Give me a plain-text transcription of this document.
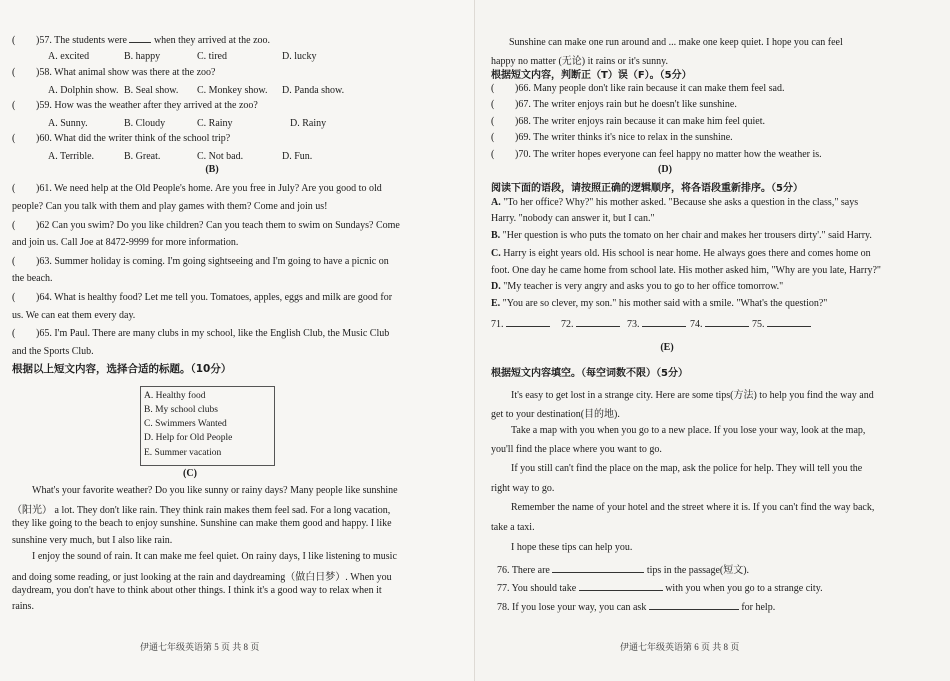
( )57. The students were	when they arrived at the zoo.
A. excited	B. happy	C. tired	D. lucky
( )58. What animal show was there at the zoo?
A. Dolphin show. B. Seal show. C. Monkey show. D. Panda show.
( )59. How was the weather after they arrived at the zoo?
A. Sunny.	B. Cloudy	C. Rainy	D. Rainy
( )60. What did the writer think of the school trip?
A. Terrible.	B. Great.	C. Not bad.	D. Fun.
(B)
( )61. We need help at the Old People's home. Are you free in July? Are you good to old
people? Can you talk with them and play games with them? Come and join us!
( )62 Can you swim? Do you like children? Can you teach them to swim on Sundays? Come
and join us. Call Joe at 8472-9999 for more information.
( )63. Summer holiday is coming. I'm going sightseeing and I'm going to have a picnic on
the beach.
( )64. What is healthy food? Let me tell you. Tomatoes, apples, eggs and milk are good for
us. We can eat them every day.
( )65. I'm Paul. There are many clubs in my school, like the English Club, the Music Club
and the Sports Club.
根据以上短文内容，选择合适的标题。（10分）
A. Healthy food
B. My school clubs
C. Swimmers Wanted
D. Help for Old People
E. Summer vacation
(C)
What's your favorite weather? Do you like sunny or rainy days? Many people like sunshine
（阳光） a lot. They don't like rain. They think rain makes them feel sad. For a long vacation,
they like going to the beach to enjoy sunshine. Sunshine can make them good and happy. I like
sunshine very much, but I also like rain.
I enjoy the sound of rain. It can make me feel quiet. On rainy days, I like listening to music
and doing some reading, or just looking at the rain and daydreaming（做白日梦）. When you
daydream, you don't have to think about other things. I think it's a good way to relax when it
rains.
伊通七年级英语第 5 页 共 8 页
Sunshine can make one run around and ... make one keep quiet. I hope you can feel
happy no matter (无论) it rains or it's sunny.
根据短文内容，判断正（T）误（F）。（5分）
( )66. Many people don't like rain because it can make them feel sad.
( )67. The writer enjoys rain but he doesn't like sunshine.
( )68. The writer enjoys rain because it can make him feel quiet.
( )69. The writer thinks it's nice to relax in the sunshine.
( )70. The writer hopes everyone can feel happy no matter how the weather is.
(D)
阅读下面的语段，请按照正确的逻辑顺序，将各语段重新排序。（5分）
A. "To her office? Why?" his mother asked. "Because she asks a question in the class," says
Harry. "nobody can answer it, but I can."
B. "Her question is who puts the tomato on her chair and makes her trousers dirty'." said Harry.
C. Harry is eight years old. His school is near home. He always goes there and comes home on
foot. One day he came home from school late. His mother asked him, "Why are you late, Harry?"
D. "My teacher is very angry and asks you to go to her office tomorrow."
E. "You are so clever, my son." his mother said with a smile. "What's the question?"
71.	72.	73.	74.	75.
(E)
根据短文内容填空。（每空词数不限）（5分）
It's easy to get lost in a strange city. Here are some tips(方法) to help you find the way and
get to your destination(目的地).
Take a map with you when you go to a new place. If you lose your way, look at the map,
you'll find the place where you want to go.
If you still can't find the place on the map, ask the police for help. They will tell you the
right way to go.
Remember the name of your hotel and the street where it is. If you can't find the way back,
take a taxi.
I hope these tips can help you.
76. There are	tips in the passage(短文).
77. You should take	with you when you go to a strange city.
78. If you lose your way, you can ask	for help.
伊通七年级英语第 6 页 共 8 页
